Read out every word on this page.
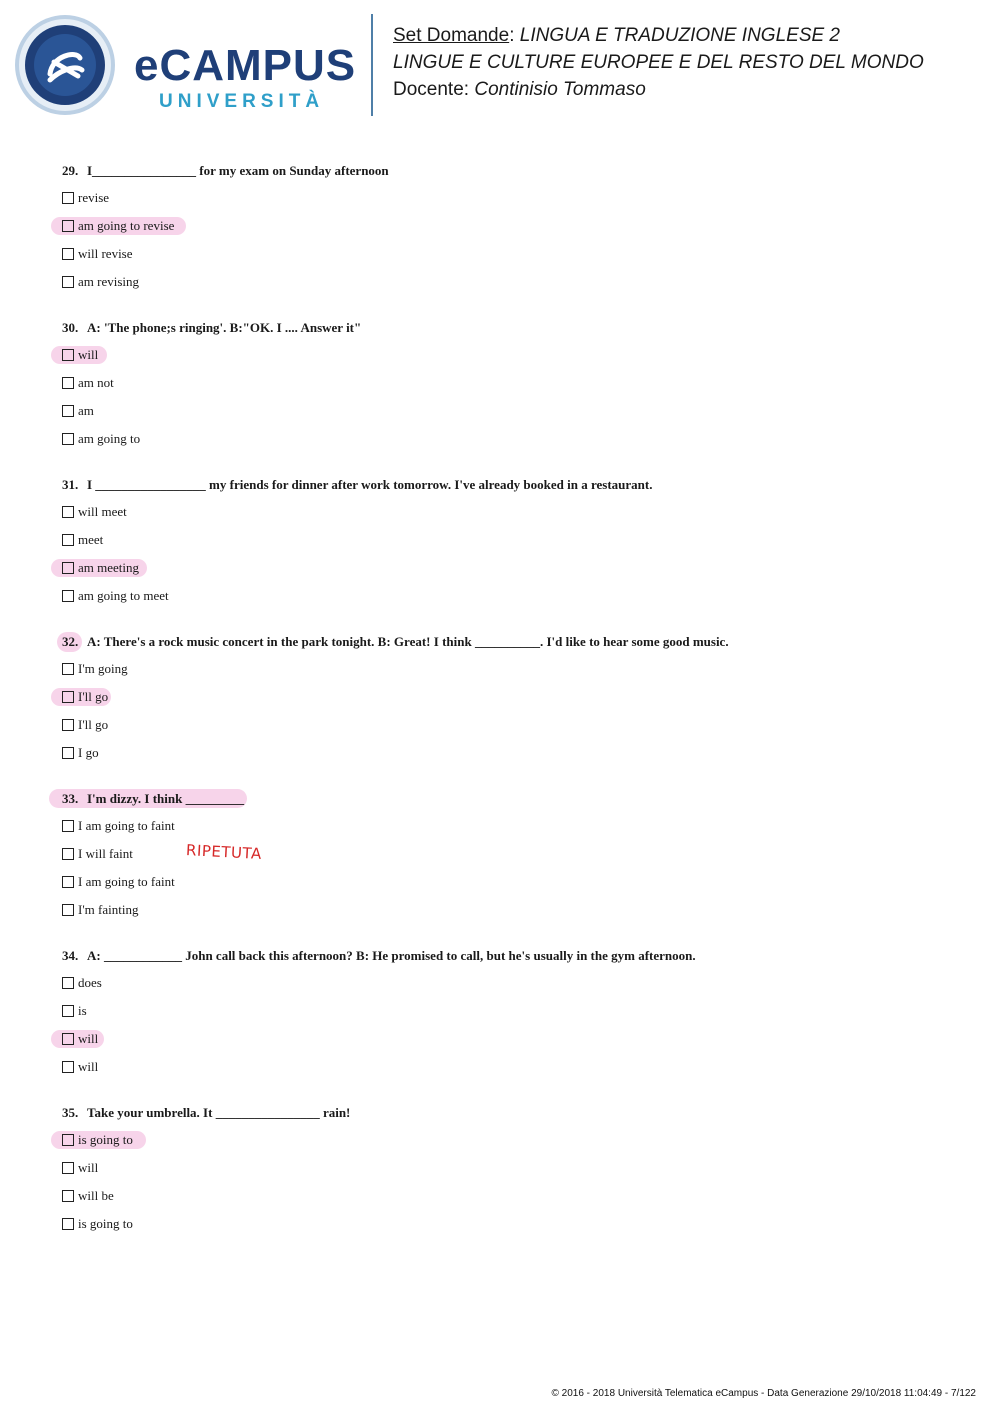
eCAMPUS
UNIVERSITÀ
Set Domande: LINGUA E TRADUZIONE INGLESE 2
LINGUE E CULTURE EUROPEE E DEL RESTO DEL MONDO
Docente: Continisio Tommaso
29. I________________ for my exam on Sunday afternoon
revise
am going to revise
will revise
am revising
30. A: 'The phone;s ringing'. B:"OK. I .... Answer it"
will
am not
am
am going to
31. I _________________ my friends for dinner after work tomorrow. I've already booked in a restaurant.
will meet
meet
am meeting
am going to meet
32. A: There's a rock music concert in the park tonight. B: Great! I think __________. I'd like to hear some good music.
I'm going
I'll go
I'll go
I go
33. I'm dizzy. I think _________
I am going to faint
I will faint	RIPETUTA
I am going to faint
I'm fainting
34. A: ____________ John call back this afternoon? B: He promised to call, but he's usually in the gym afternoon.
does
is
will
will
35. Take your umbrella. It ________________ rain!
is going to
will
will be
is going to
© 2016 - 2018 Università Telematica eCampus - Data Generazione 29/10/2018 11:04:49 - 7/122
